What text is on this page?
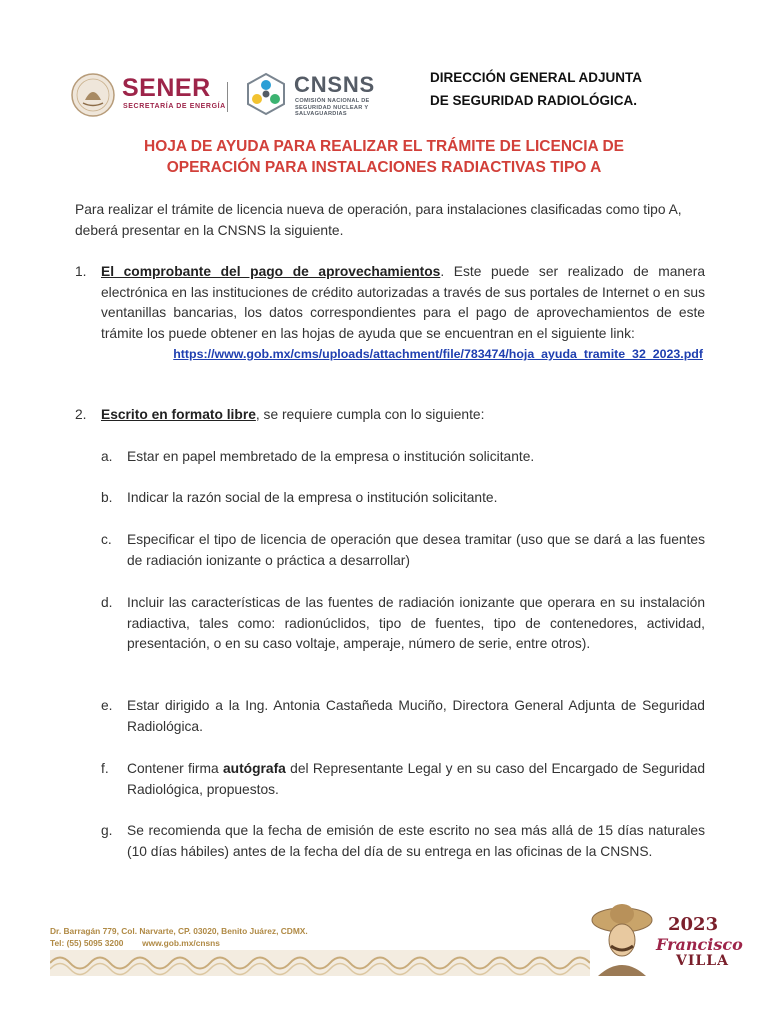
SENER
SECRETARÍA DE ENERGÍA
CNSNS
COMISIÓN NACIONAL DE SEGURIDAD NUCLEAR Y SALVAGUARDIAS
DIRECCIÓN GENERAL ADJUNTA
DE SEGURIDAD RADIOLÓGICA.
HOJA DE AYUDA PARA REALIZAR EL TRÁMITE DE LICENCIA DE
OPERACIÓN PARA INSTALACIONES RADIACTIVAS TIPO A

Para realizar el trámite de licencia nueva de operación, para instalaciones clasificadas como tipo A, deberá presentar en la CNSNS la siguiente.

1.	El comprobante del pago de aprovechamientos. Este puede ser realizado de manera electrónica en las instituciones de crédito autorizadas a través de sus portales de Internet o en sus ventanillas bancarias, los datos correspondientes para el pago de aprovechamientos de este trámite los puede obtener en las hojas de ayuda que se encuentran en el siguiente link:
https://www.gob.mx/cms/uploads/attachment/file/783474/hoja_ayuda_tramite_32_2023.pdf
2.	Escrito en formato libre, se requiere cumpla con lo siguiente:
a.	Estar en papel membretado de la empresa o institución solicitante.
b.	Indicar la razón social de la empresa o institución solicitante.
c.	Especificar el tipo de licencia de operación que desea tramitar (uso que se dará a las fuentes de radiación ionizante o práctica a desarrollar)
d.	Incluir las características de las fuentes de radiación ionizante que operara en su instalación radiactiva, tales como: radionúclidos, tipo de fuentes, tipo de contenedores, actividad, presentación, o en su caso voltaje, amperaje, número de serie, entre otros).
e.	Estar dirigido a la Ing. Antonia Castañeda Muciño, Directora General Adjunta de Seguridad Radiológica.
f.	Contener firma autógrafa del Representante Legal y en su caso del Encargado de Seguridad Radiológica, propuestos.
g.	Se recomienda que la fecha de emisión de este escrito no sea más allá de 15 días naturales (10 días hábiles) antes de la fecha del día de su entrega en las oficinas de la CNSNS.
Dr. Barragán 779, Col. Narvarte, CP. 03020, Benito Juárez, CDMX.
Tel: (55) 5095 3200 www.gob.mx/cnsns
2023
Francisco
VILLA
